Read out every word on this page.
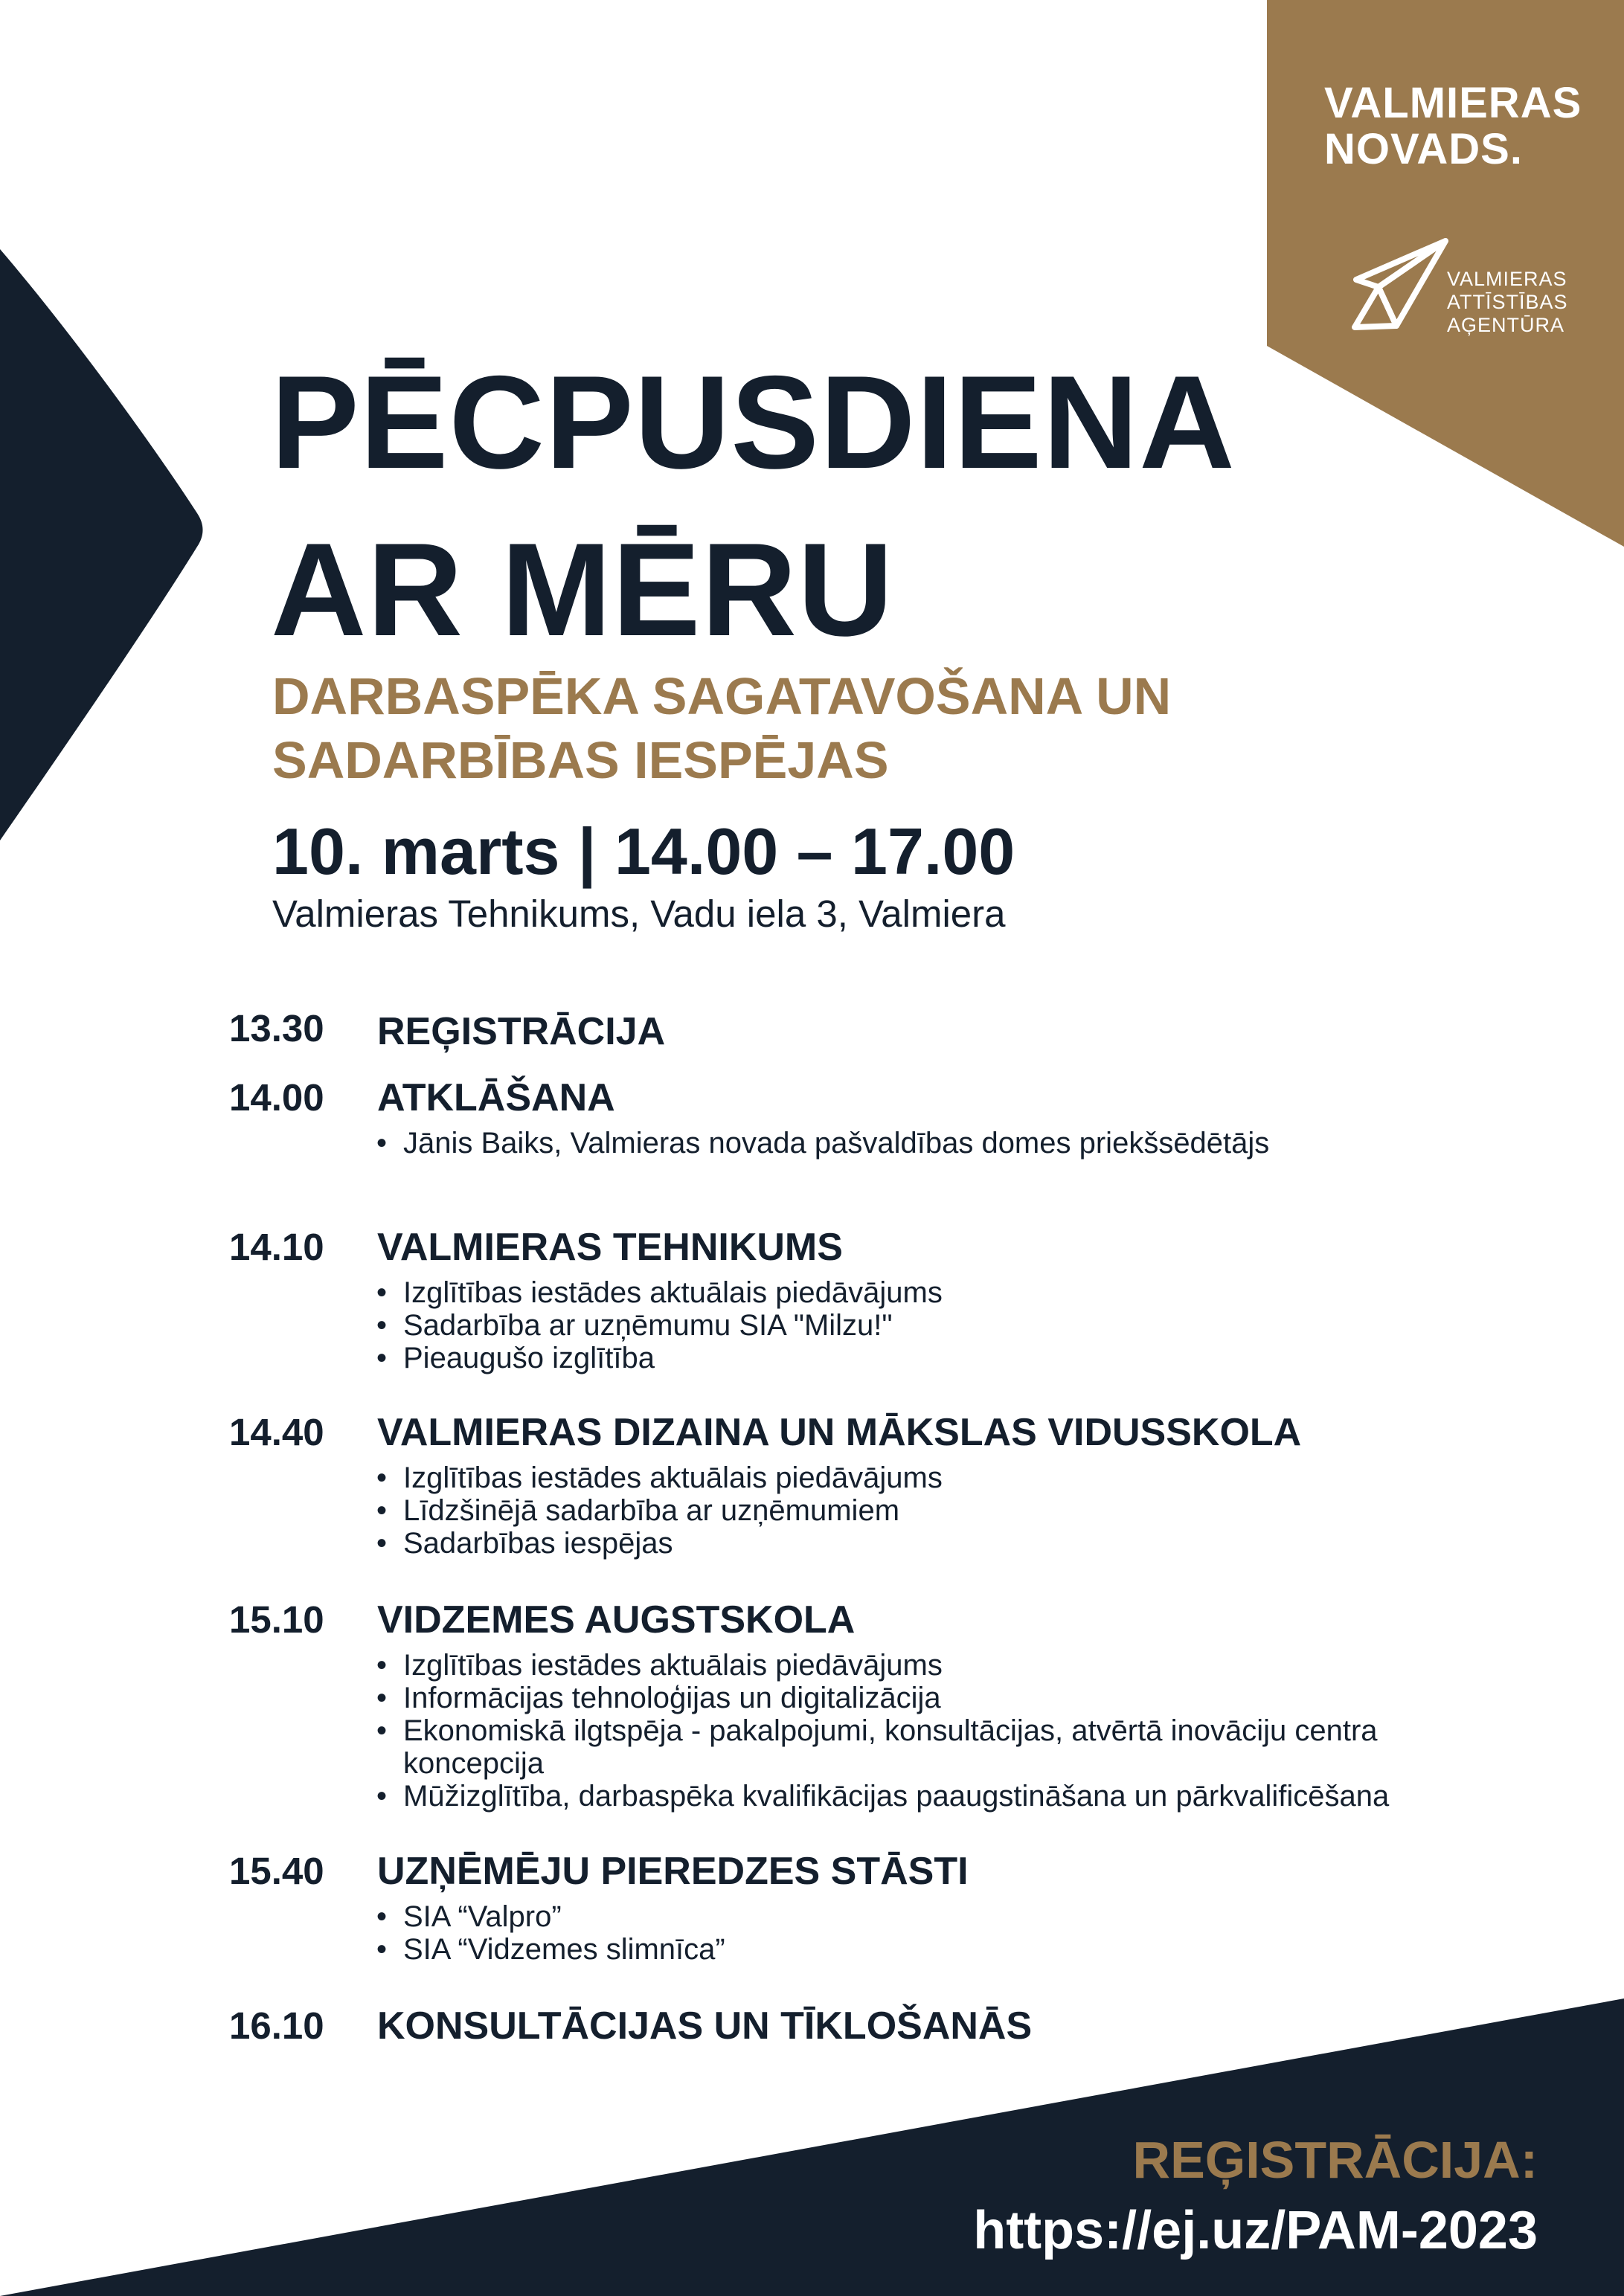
VALMIERAS
NOVADS.
VALMIERAS
ATTĪSTĪBAS
AĢENTŪRA
PĒCPUSDIENA
AR MĒRU
DARBASPĒKA SAGATAVOŠANA UN
SADARBĪBAS IESPĒJAS
10. marts | 14.00 – 17.00
Valmieras Tehnikums, Vadu iela 3, Valmiera
13.30	REĢISTRĀCIJA
14.00	ATKLĀŠANA
• Jānis Baiks, Valmieras novada pašvaldības domes priekšsēdētājs
14.10	VALMIERAS TEHNIKUMS
• Izglītības iestādes aktuālais piedāvājums
• Sadarbība ar uzņēmumu SIA "Milzu!"
• Pieaugušo izglītība
14.40	VALMIERAS DIZAINA UN MĀKSLAS VIDUSSKOLA
• Izglītības iestādes aktuālais piedāvājums
• Līdzšinējā sadarbība ar uzņēmumiem
• Sadarbības iespējas
15.10	VIDZEMES AUGSTSKOLA
• Izglītības iestādes aktuālais piedāvājums
• Informācijas tehnoloģijas un digitalizācija
• Ekonomiskā ilgtspēja - pakalpojumi, konsultācijas, atvērtā inovāciju centra koncepcija
• Mūžizglītība, darbaspēka kvalifikācijas paaugstināšana un pārkvalificēšana
15.40	UZŅĒMĒJU PIEREDZES STĀSTI
• SIA “Valpro”
• SIA “Vidzemes slimnīca”
16.10	KONSULTĀCIJAS UN TĪKLOŠANĀS
REĢISTRĀCIJA:
https://ej.uz/PAM-2023
